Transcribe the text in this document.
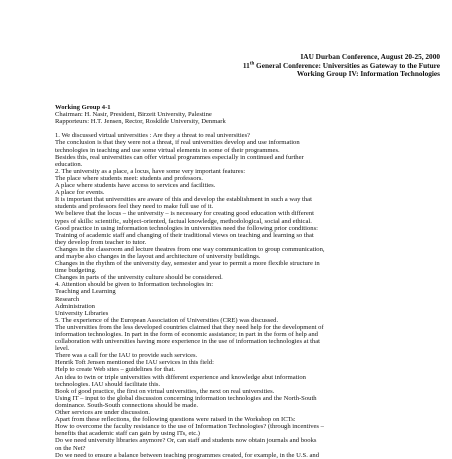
IAU Durban Conference, August 20-25, 2000
11th General Conference: Universities as Gateway to the Future
Working Group IV: Information Technologies
Working Group 4-1
Chairman: H. Nasir, President, Birzeit University, Palestine
Rapporteurs: H.T. Jensen, Rector, Roskilde University, Denmark
1. We discussed virtual universities : Are they a threat to real universities?
The conclusion is that they were not a threat, if real universities develop and use information
technologies in teaching and use some virtual elements in some of their programmes.
Besides this, real universities can offer virtual programmes especially in continued and further
education.
2. The university as a place, a locus, have some very important features:
The place where students meet: students and professors.
A place where students have access to services and facilities.
A place for events.
It is important that universities are aware of this and develop the establishment in such a way that
students and professors feel they need to make full use of it.
We believe that the locus – the university – is necessary for creating good education with different
types of skills: scientific, subject-oriented, factual knowledge, methodological, social and ethical.
Good practice in using information technologies in universities need the following prior conditions:
Training of academic staff and changing of their traditional views on teaching and learning so that
they develop from teacher to tutor.
Changes in the classroom and lecture theatres from one way communication to group communication,
and maybe also changes in the layout and architecture of university buildings.
Changes in the rhythm of the university day, semester and year to permit a more flexible structure in
time budgeting.
Changes in parts of the university culture should be considered.
4. Attention should be given to Information technologies in:
Teaching and Learning
Research
Administration
University Libraries
5. The experience of the European Association of Universities (CRE) was discussed.
The universities from the less developed countries claimed that they need help for the development of
information technologies. In part in the form of economic assistance; in part in the form of help and
collaboration with universities having more experience in the use of information technologies at that
level.
There was a call for the IAU to provide such services.
Henrik Toft Jensen mentioned the IAU services in this field:
Help to create Web sites – guidelines for that.
An idea to twin or triple universities with different experience and knowledge abut information
technologies. IAU should facilitate this.
Book of good practice, the first on virtual universities, the next on real universities.
Using IT – input to the global discussion concerning information technologies and the North-South
dominance. South-South connections should be made.
Other services are under discussion.
Apart from these reflections, the following questions were raised in the Workshop on ICTs:
How to overcome the faculty resistance to the use of Information Technologies? (through incentives –
benefits that academic staff can gain by using ITs, etc.)
Do we need university libraries anymore? Or, can staff and students now obtain journals and books
on the Net?
Do we need to ensure a balance between teaching programmes created, for example, in the U.S. and
